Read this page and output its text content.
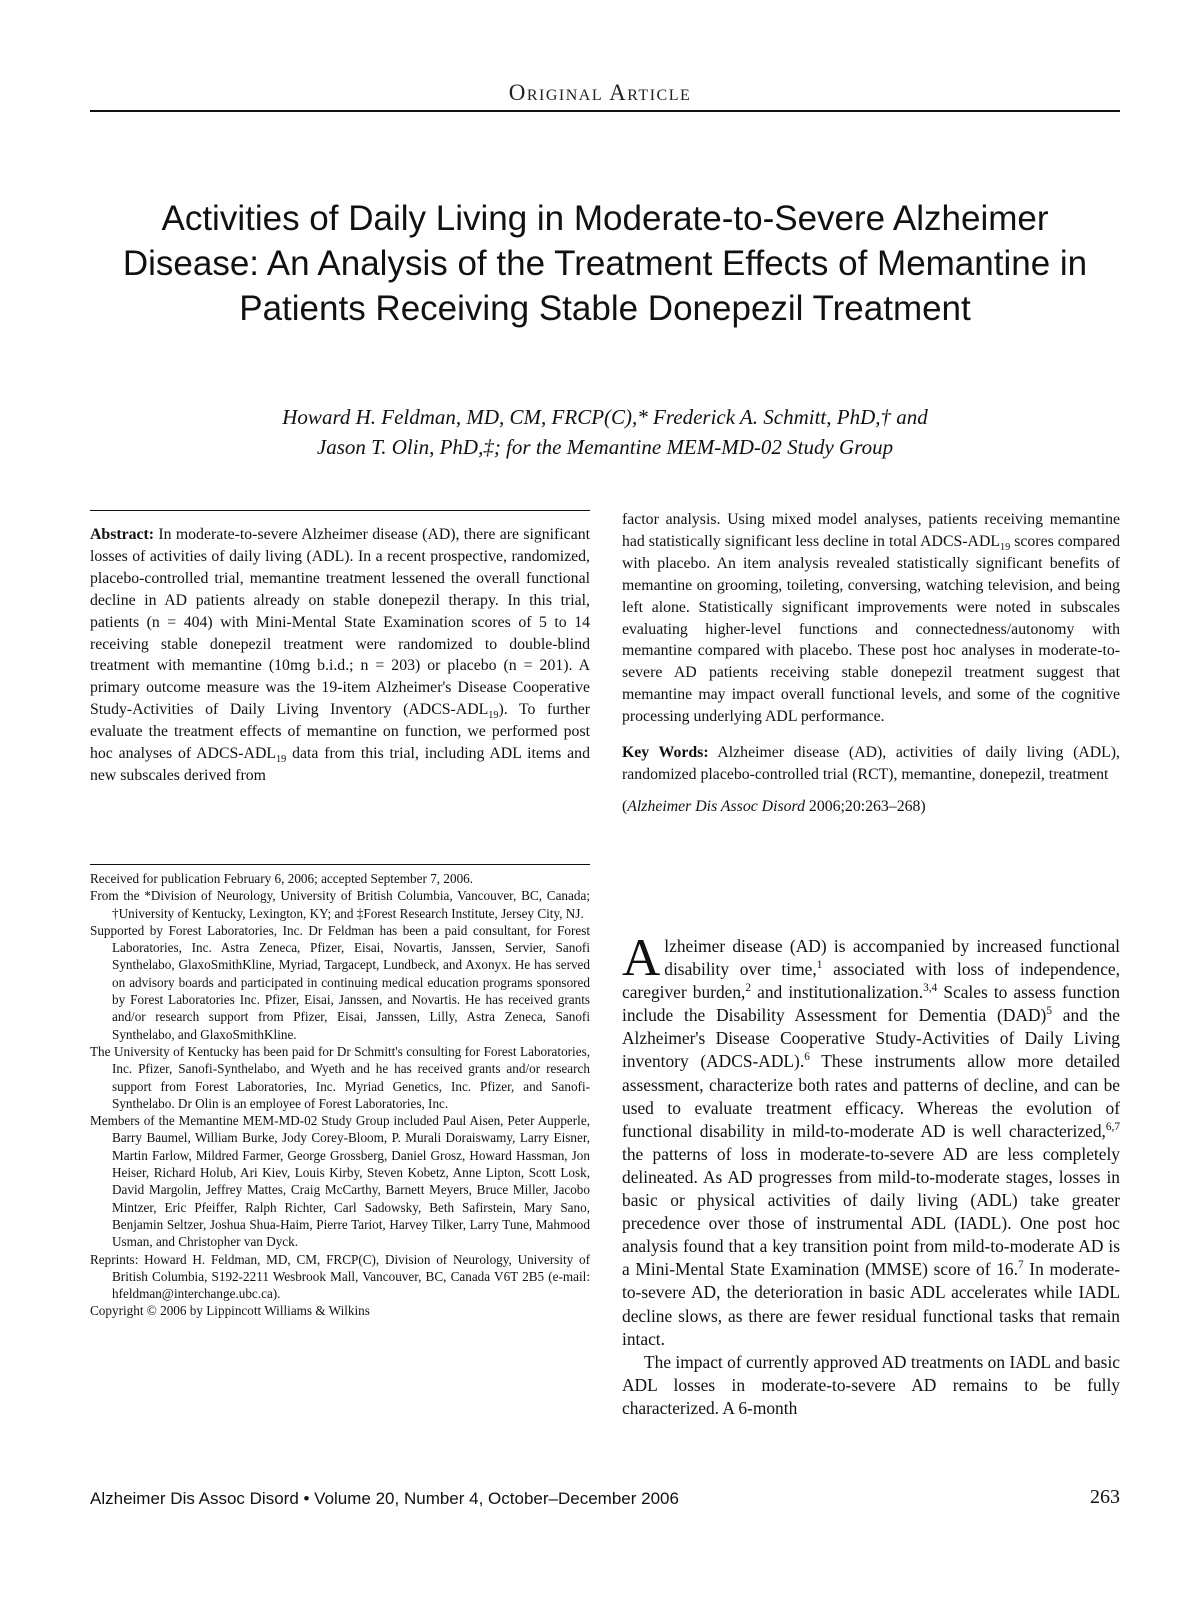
Original Article
Activities of Daily Living in Moderate-to-Severe Alzheimer Disease: An Analysis of the Treatment Effects of Memantine in Patients Receiving Stable Donepezil Treatment
Howard H. Feldman, MD, CM, FRCP(C),* Frederick A. Schmitt, PhD,† and
Jason T. Olin, PhD,‡; for the Memantine MEM-MD-02 Study Group

Abstract: In moderate-to-severe Alzheimer disease (AD), there are significant losses of activities of daily living (ADL). In a recent prospective, randomized, placebo-controlled trial, memantine treatment lessened the overall functional decline in AD patients already on stable donepezil therapy. In this trial, patients (n = 404) with Mini-Mental State Examination scores of 5 to 14 receiving stable donepezil treatment were randomized to double-blind treatment with memantine (10mg b.i.d.; n = 203) or placebo (n = 201). A primary outcome measure was the 19-item Alzheimer's Disease Cooperative Study-Activities of Daily Living Inventory $(ADCS-ADL_{19})$. To further evaluate the treatment effects of memantine on function, we performed post hoc analyses of ADCS-$ADL_{19}$ data from this trial, including ADL items and new subscales derived from

Received for publication February 6, 2006; accepted September 7, 2006.

From the *Division of Neurology, University of British Columbia, Vancouver, BC, Canada; †University of Kentucky, Lexington, KY; and ‡Forest Research Institute, Jersey City, NJ.

Supported by Forest Laboratories, Inc. Dr Feldman has been a paid consultant, for Forest Laboratories, Inc. Astra Zeneca, Pfizer, Eisai, Novartis, Janssen, Servier, Sanofi Synthelabo, GlaxoSmithKline, Myriad, Targacept, Lundbeck, and Axonyx. He has served on advisory boards and participated in continuing medical education programs sponsored by Forest Laboratories Inc. Pfizer, Eisai, Janssen, and Novartis. He has received grants and/or research support from Pfizer, Eisai, Janssen, Lilly, Astra Zeneca, Sanofi Synthelabo, and GlaxoSmithKline.

The University of Kentucky has been paid for Dr Schmitt's consulting for Forest Laboratories, Inc. Pfizer, Sanofi-Synthelabo, and Wyeth and he has received grants and/or research support from Forest Laboratories, Inc. Myriad Genetics, Inc. Pfizer, and Sanofi-Synthelabo. Dr Olin is an employee of Forest Laboratories, Inc.

Members of the Memantine MEM-MD-02 Study Group included Paul Aisen, Peter Aupperle, Barry Baumel, William Burke, Jody Corey-Bloom, P. Murali Doraiswamy, Larry Eisner, Martin Farlow, Mildred Farmer, George Grossberg, Daniel Grosz, Howard Hassman, Jon Heiser, Richard Holub, Ari Kiev, Louis Kirby, Steven Kobetz, Anne Lipton, Scott Losk, David Margolin, Jeffrey Mattes, Craig McCarthy, Barnett Meyers, Bruce Miller, Jacobo Mintzer, Eric Pfeiffer, Ralph Richter, Carl Sadowsky, Beth Safirstein, Mary Sano, Benjamin Seltzer, Joshua Shua-Haim, Pierre Tariot, Harvey Tilker, Larry Tune, Mahmood Usman, and Christopher van Dyck.

Reprints: Howard H. Feldman, MD, CM, FRCP(C), Division of Neurology, University of British Columbia, S192-2211 Wesbrook Mall, Vancouver, BC, Canada V6T 2B5 (e-mail: hfeldman@interchange.ubc.ca).

Copyright © 2006 by Lippincott Williams & Wilkins

factor analysis. Using mixed model analyses, patients receiving memantine had statistically significant less decline in total ADCS-$ADL_{19}$ scores compared with placebo. An item analysis revealed statistically significant benefits of memantine on grooming, toileting, conversing, watching television, and being left alone. Statistically significant improvements were noted in subscales evaluating higher-level functions and connectedness/autonomy with memantine compared with placebo. These post hoc analyses in moderate-to-severe AD patients receiving stable donepezil treatment suggest that memantine may impact overall functional levels, and some of the cognitive processing underlying ADL performance.

Key Words: Alzheimer disease (AD), activities of daily living (ADL), randomized placebo-controlled trial (RCT), memantine, donepezil, treatment

(Alzheimer Dis Assoc Disord 2006;20:263–268)

Alzheimer disease (AD) is accompanied by increased functional disability over time,$^1$ associated with loss of independence, caregiver burden,$^2$ and institutionalization.$^{3,4}$ Scales to assess function include the Disability Assessment for Dementia (DAD)$^5$ and the Alzheimer's Disease Cooperative Study-Activities of Daily Living inventory (ADCS-ADL).$^6$ These instruments allow more detailed assessment, characterize both rates and patterns of decline, and can be used to evaluate treatment efficacy. Whereas the evolution of functional disability in mild-to-moderate AD is well characterized,$^{6,7}$ the patterns of loss in moderate-to-severe AD are less completely delineated. As AD progresses from mild-to-moderate stages, losses in basic or physical activities of daily living (ADL) take greater precedence over those of instrumental ADL (IADL). One post hoc analysis found that a key transition point from mild-to-moderate AD is a Mini-Mental State Examination (MMSE) score of 16.$^7$ In moderate-to-severe AD, the deterioration in basic ADL accelerates while IADL decline slows, as there are fewer residual functional tasks that remain intact.

The impact of currently approved AD treatments on IADL and basic ADL losses in moderate-to-severe AD remains to be fully characterized. A 6-month

Alzheimer Dis Assoc Disord • Volume 20, Number 4, October–December 2006	263
